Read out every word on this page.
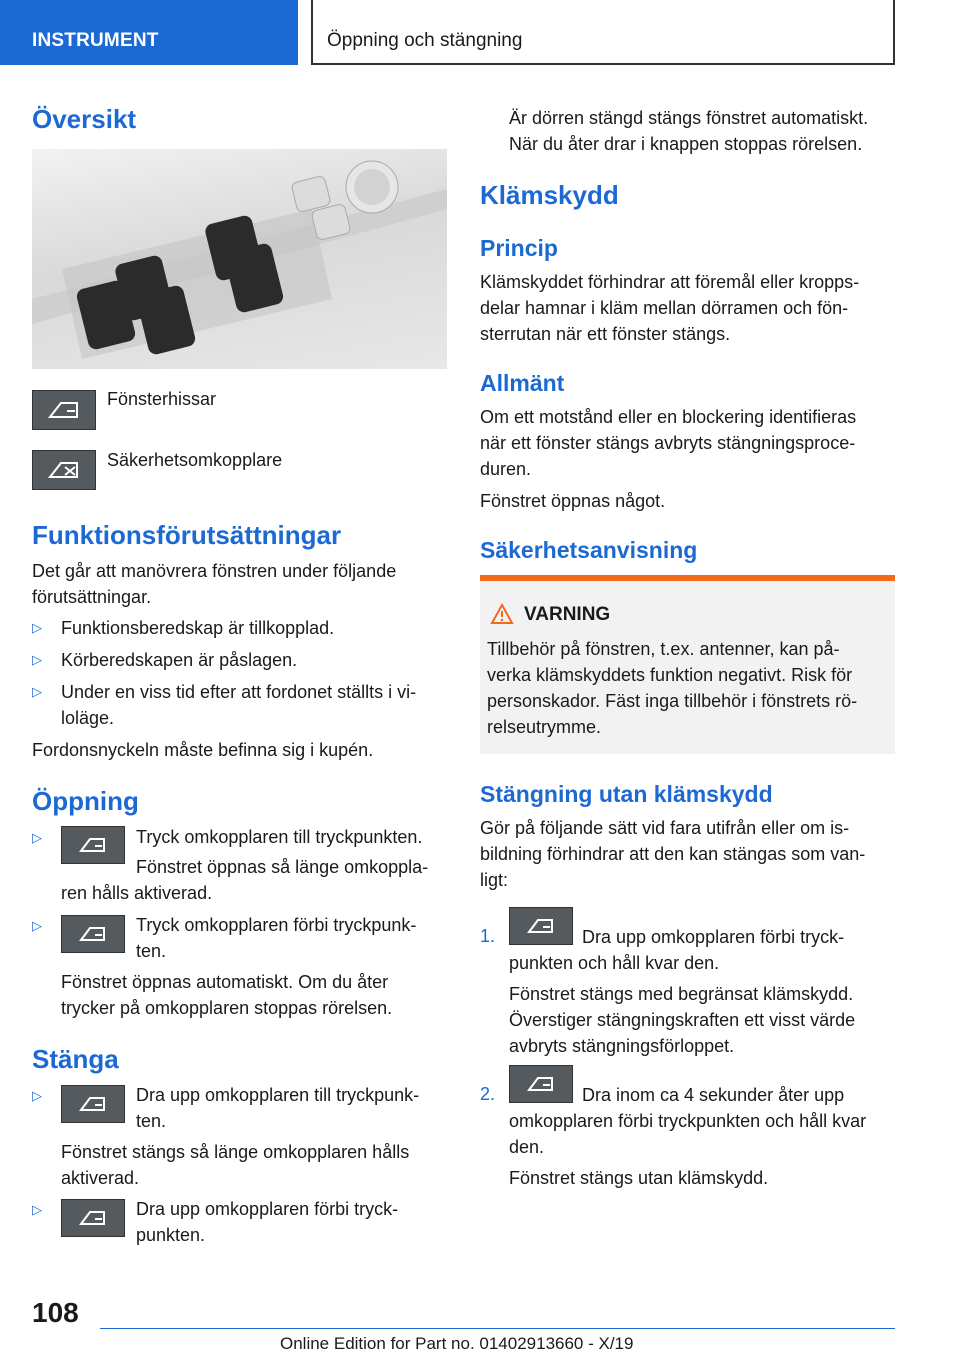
INSTRUMENT	Öppning och stängning
Översikt

Fönsterhissar

Säkerhetsomkopplare

Funktionsförutsättningar

Det går att manövrera fönstren under följande

förutsättningar.

▷ Funktionsberedskap är tillkopplad.

▷ Körberedskapen är påslagen.

▷ Under en viss tid efter att fordonet ställts i vi-

loläge.

Fordonsnyckeln måste befinna sig i kupén.

Öppning
▷	Tryck omkopplaren till tryckpunkten.

Fönstret öppnas så länge omkoppla-

ren hålls aktiverad.

▷	Tryck omkopplaren förbi tryckpunk-

ten.

Fönstret öppnas automatiskt. Om du åter

trycker på omkopplaren stoppas rörelsen.

Stänga
▷	Dra upp omkopplaren till tryckpunk-

ten.

Fönstret stängs så länge omkopplaren hålls

aktiverad.

▷	Dra upp omkopplaren förbi tryck-

punkten.

Är dörren stängd stängs fönstret automatiskt.

När du åter drar i knappen stoppas rörelsen.

Klämskydd
Princip

Klämskyddet förhindrar att föremål eller kropps-

delar hamnar i kläm mellan dörramen och fön-

sterrutan när ett fönster stängs.

Allmänt

Om ett motstånd eller en blockering identifieras

när ett fönster stängs avbryts stängningsproce-

duren.

Fönstret öppnas något.

Säkerhetsanvisning
VARNING

Tillbehör på fönstren, t.ex. antenner, kan på-

verka klämskyddets funktion negativt. Risk för

personskador. Fäst inga tillbehör i fönstrets rö-

relseutrymme.

Stängning utan klämskydd

Gör på följande sätt vid fara utifrån eller om is-

bildning förhindrar att den kan stängas som van-

ligt:

1.	Dra upp omkopplaren förbi tryck-

punkten och håll kvar den.

Fönstret stängs med begränsat klämskydd.

Överstiger stängningskraften ett visst värde

avbryts stängningsförloppet.

2.	Dra inom ca 4 sekunder åter upp

omkopplaren förbi tryckpunkten och håll kvar

den.

Fönstret stängs utan klämskydd.

108
Online Edition for Part no. 01402913660 - X/19
